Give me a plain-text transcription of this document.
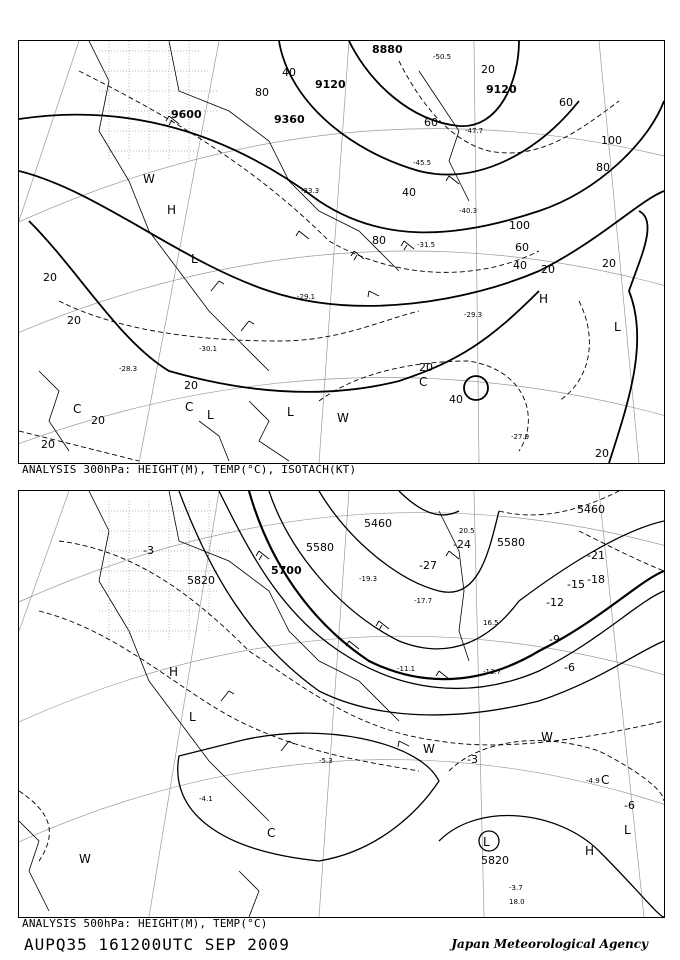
8880
9120	9120
9360
9600
20
20
20
20
20
20
20	20
20
20
40
40
40
40
60
60
60
80
80
100
100
80
H
H
L
L	L
L
W
W
C	C
C
-27.9
-28.3
-29.1
-29.3
-30.1
-31.5
-33.3
-40.3
-45.5
-47.7
-50.5
ANALYSIS 300hPa: HEIGHT(M), TEMP(°C), ISOTACH(KT)
5460
5460
5580	5580
5700
5820
5820
-3
-3
-6
-6
-9
-12
-15 -18
-21
-24
-27
H
H
L
L
L
W
W
W
C
C
-3.7
-4.1
-4.9
-5.3
-11.1	-13.7
-17.7
-19.3
16.5
18.0
20.5
ANALYSIS 500hPa: HEIGHT(M), TEMP(°C)
AUPQ35 161200UTC SEP 2009	Japan Meteorological Agency
